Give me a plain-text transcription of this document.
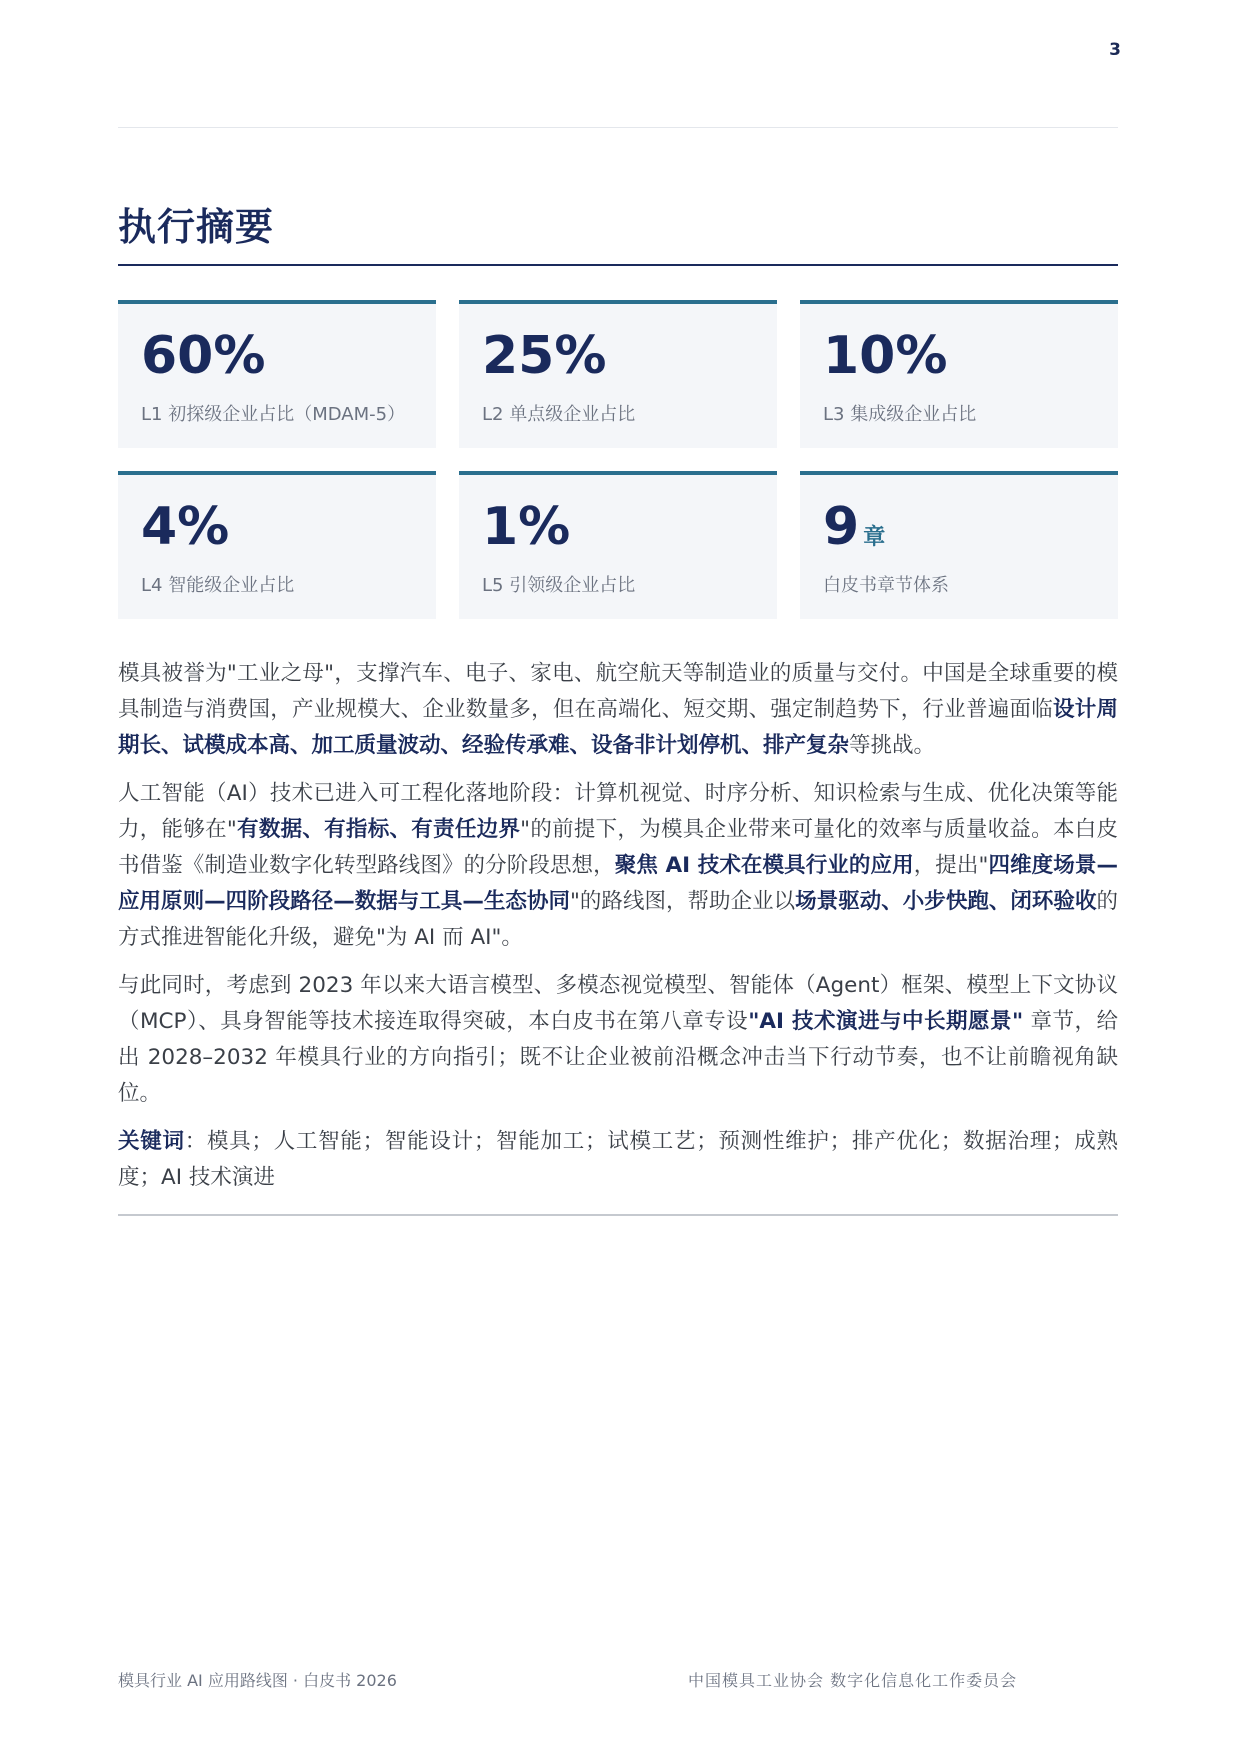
3
执行摘要
60%
L1 初探级企业占比（MDAM-5）
25%
L2 单点级企业占比
10%
L3 集成级企业占比
4%
L4 智能级企业占比
1%
L5 引领级企业占比
9 章
白皮书章节体系

模具被誉为"工业之母"，支撑汽车、电子、家电、航空航天等制造业的质量与交付。中国是全球重要的模具制造与消费国，产业规模大、企业数量多，但在高端化、短交期、强定制趋势下，行业普遍面临设计周期长、试模成本高、加工质量波动、经验传承难、设备非计划停机、排产复杂等挑战。

人工智能（AI）技术已进入可工程化落地阶段：计算机视觉、时序分析、知识检索与生成、优化决策等能力，能够在"有数据、有指标、有责任边界"的前提下，为模具企业带来可量化的效率与质量收益。本白皮书借鉴《制造业数字化转型路线图》的分阶段思想，聚焦 AI 技术在模具行业的应用，提出"四维度场景—应用原则—四阶段路径—数据与工具—生态协同"的路线图，帮助企业以场景驱动、小步快跑、闭环验收的方式推进智能化升级，避免"为 AI 而 AI"。

与此同时，考虑到 2023 年以来大语言模型、多模态视觉模型、智能体（Agent）框架、模型上下文协议（MCP）、具身智能等技术接连取得突破，本白皮书在第八章专设"AI 技术演进与中长期愿景" 章节，给出 2028–2032 年模具行业的方向指引；既不让企业被前沿概念冲击当下行动节奏，也不让前瞻视角缺位。

关键词：模具；人工智能；智能设计；智能加工；试模工艺；预测性维护；排产优化；数据治理；成熟度；AI 技术演进

模具行业 AI 应用路线图 · 白皮书 2026	中国模具工业协会 数字化信息化工作委员会
